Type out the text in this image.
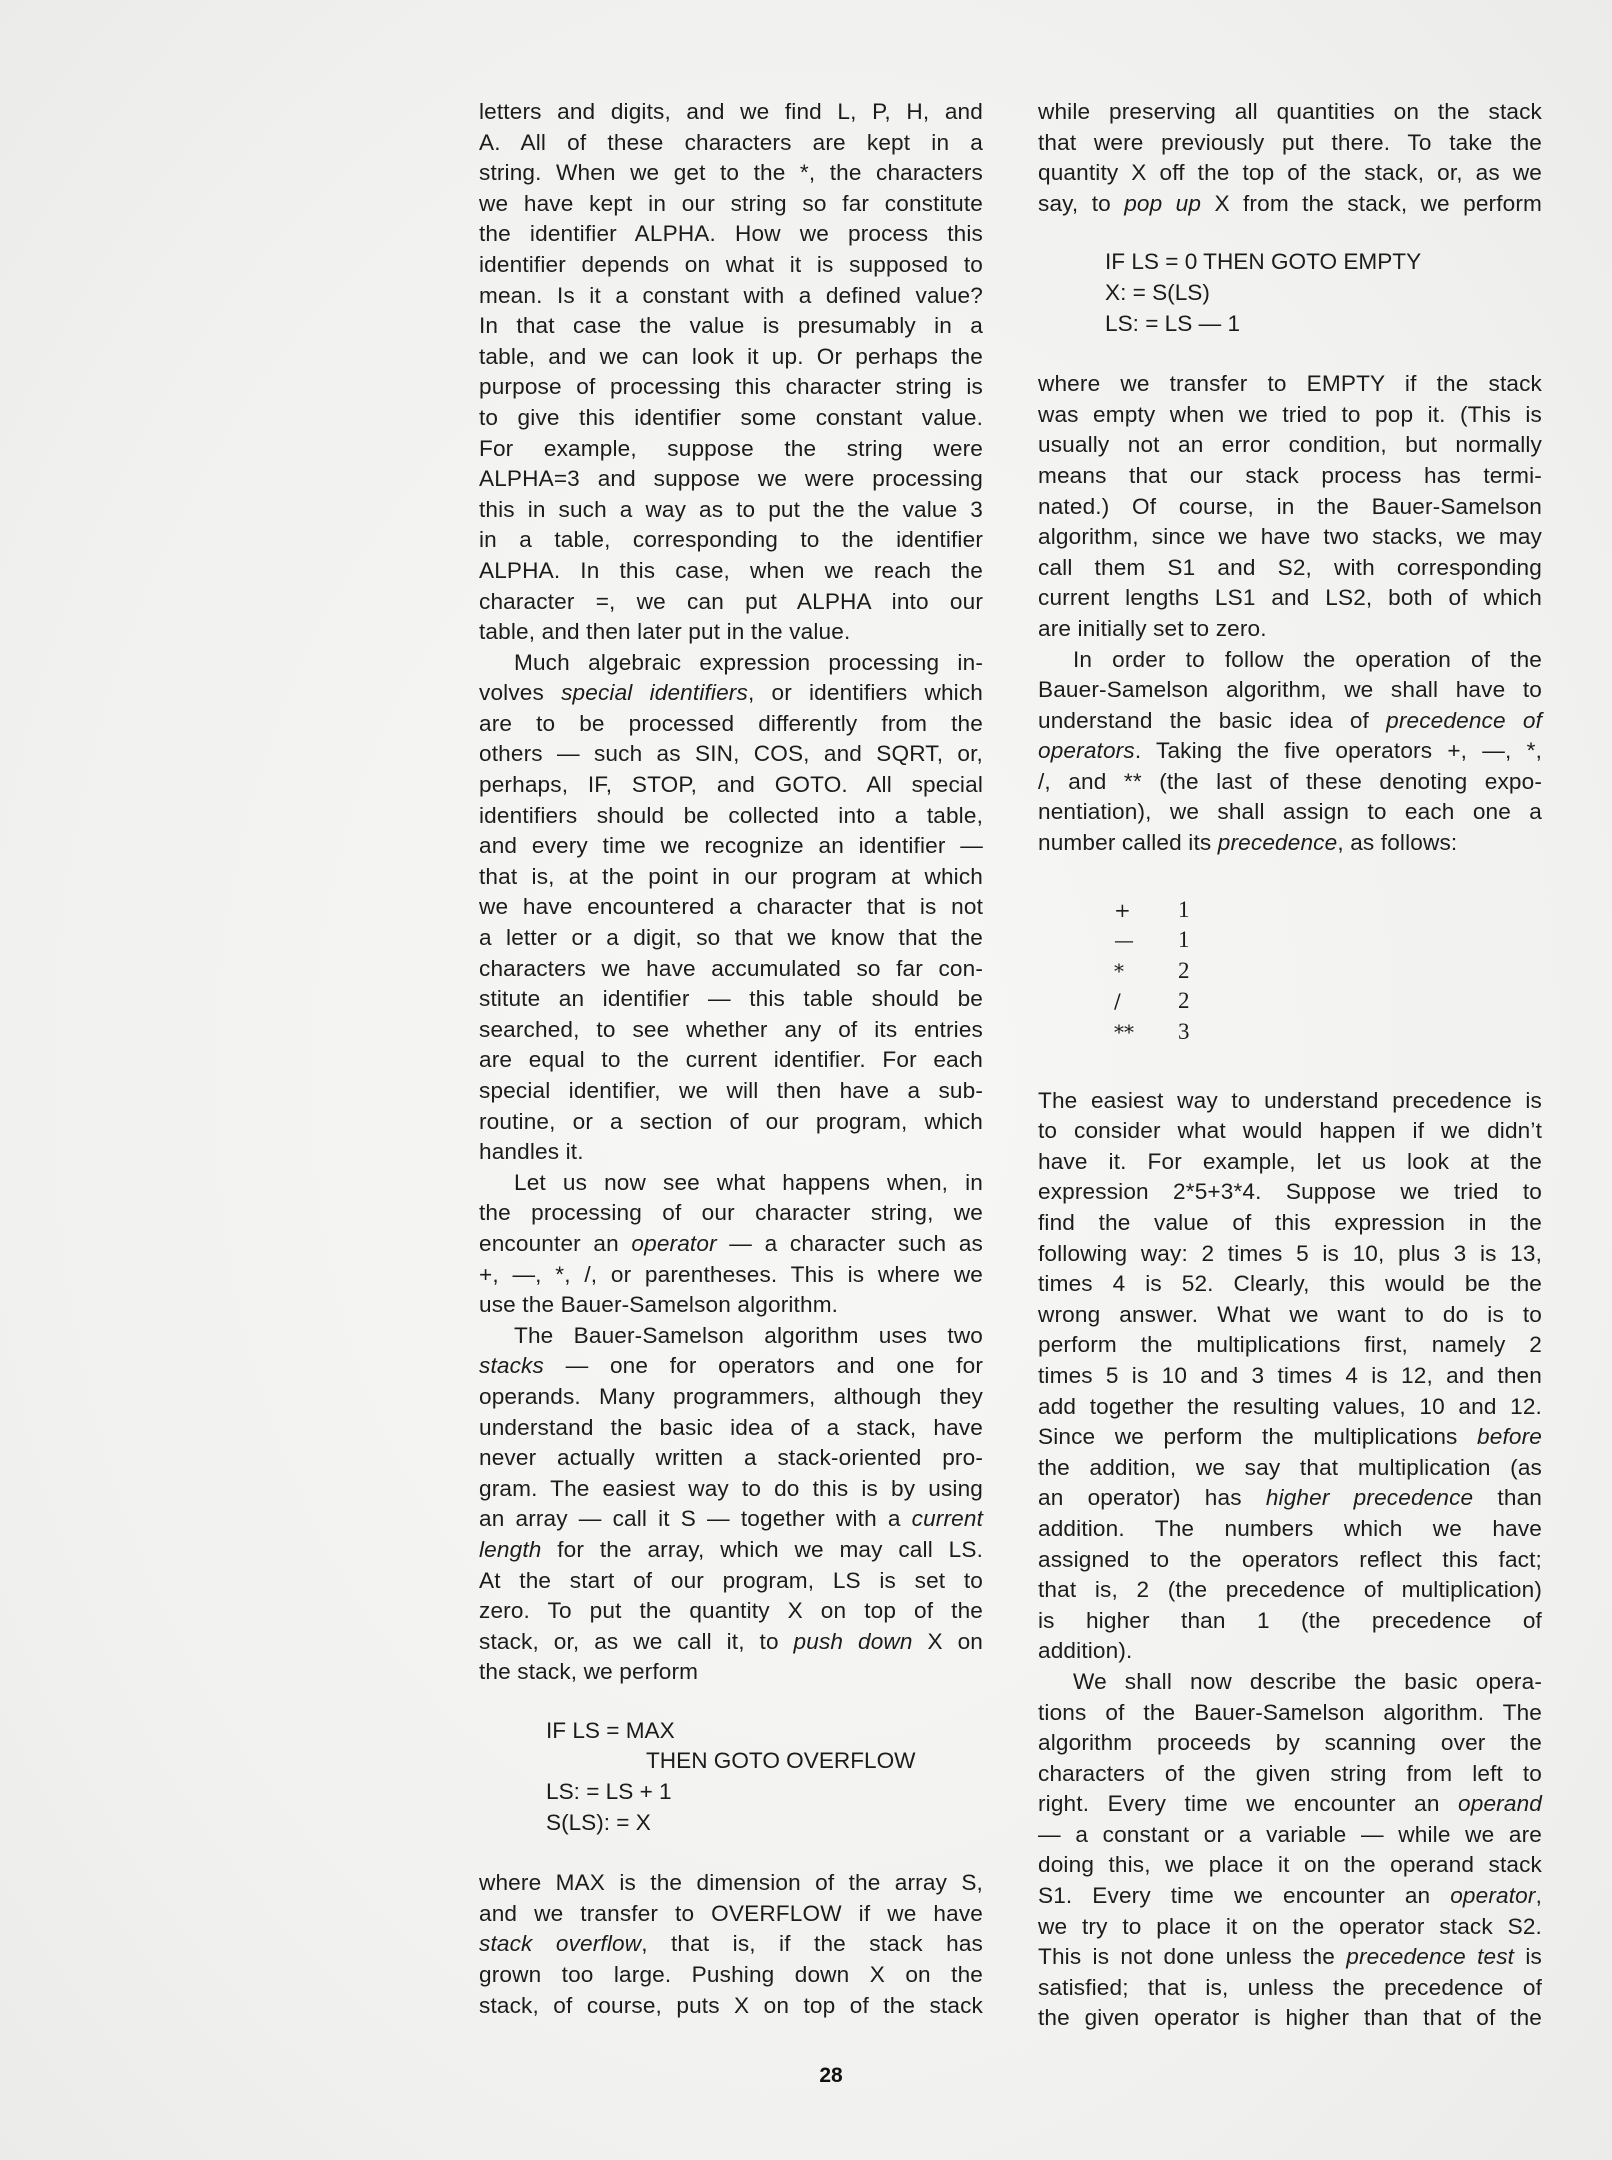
letters and digits, and we find L, P, H, and
A. All of these characters are kept in a
string. When we get to the *, the characters
we have kept in our string so far constitute
the identifier ALPHA. How we process this
identifier depends on what it is supposed to
mean. Is it a constant with a defined value?
In that case the value is presumably in a
table, and we can look it up. Or perhaps the
purpose of processing this character string is
to give this identifier some constant value.
For example, suppose the string were
ALPHA=3 and suppose we were processing
this in such a way as to put the the value 3
in a table, corresponding to the identifier
ALPHA. In this case, when we reach the
character =, we can put ALPHA into our
table, and then later put in the value.
Much algebraic expression processing in-
volves special identifiers, or identifiers which
are to be processed differently from the
others — such as SIN, COS, and SQRT, or,
perhaps, IF, STOP, and GOTO. All special
identifiers should be collected into a table,
and every time we recognize an identifier —
that is, at the point in our program at which
we have encountered a character that is not
a letter or a digit, so that we know that the
characters we have accumulated so far con-
stitute an identifier — this table should be
searched, to see whether any of its entries
are equal to the current identifier. For each
special identifier, we will then have a sub-
routine, or a section of our program, which
handles it.
Let us now see what happens when, in
the processing of our character string, we
encounter an operator — a character such as
+, —, *, /, or parentheses. This is where we
use the Bauer-Samelson algorithm.
The Bauer-Samelson algorithm uses two
stacks — one for operators and one for
operands. Many programmers, although they
understand the basic idea of a stack, have
never actually written a stack-oriented pro-
gram. The easiest way to do this is by using
an array — call it S — together with a current
length for the array, which we may call LS.
At the start of our program, LS is set to
zero. To put the quantity X on top of the
stack, or, as we call it, to push down X on
the stack, we perform
IF LS = MAX
THEN GOTO OVERFLOW
LS: = LS + 1
S(LS): = X
where MAX is the dimension of the array S,
and we transfer to OVERFLOW if we have
stack overflow, that is, if the stack has
grown too large. Pushing down X on the
stack, of course, puts X on top of the stack
while preserving all quantities on the stack
that were previously put there. To take the
quantity X off the top of the stack, or, as we
say, to pop up X from the stack, we perform
IF LS = 0 THEN GOTO EMPTY
X: = S(LS)
LS: = LS — 1
where we transfer to EMPTY if the stack
was empty when we tried to pop it. (This is
usually not an error condition, but normally
means that our stack process has termi-
nated.) Of course, in the Bauer-Samelson
algorithm, since we have two stacks, we may
call them S1 and S2, with corresponding
current lengths LS1 and LS2, both of which
are initially set to zero.
In order to follow the operation of the
Bauer-Samelson algorithm, we shall have to
understand the basic idea of precedence of
operators. Taking the five operators +, —, *,
/, and ** (the last of these denoting expo-
nentiation), we shall assign to each one a
number called its precedence, as follows:
+	1
—	1
*	2
/	2
**	3
The easiest way to understand precedence is
to consider what would happen if we didn’t
have it. For example, let us look at the
expression 2*5+3*4. Suppose we tried to
find the value of this expression in the
following way: 2 times 5 is 10, plus 3 is 13,
times 4 is 52. Clearly, this would be the
wrong answer. What we want to do is to
perform the multiplications first, namely 2
times 5 is 10 and 3 times 4 is 12, and then
add together the resulting values, 10 and 12.
Since we perform the multiplications before
the addition, we say that multiplication (as
an operator) has higher precedence than
addition. The numbers which we have
assigned to the operators reflect this fact;
that is, 2 (the precedence of multiplication)
is higher than 1 (the precedence of
addition).
We shall now describe the basic opera-
tions of the Bauer-Samelson algorithm. The
algorithm proceeds by scanning over the
characters of the given string from left to
right. Every time we encounter an operand
— a constant or a variable — while we are
doing this, we place it on the operand stack
S1. Every time we encounter an operator,
we try to place it on the operator stack S2.
This is not done unless the precedence test is
satisfied; that is, unless the precedence of
the given operator is higher than that of the
28
